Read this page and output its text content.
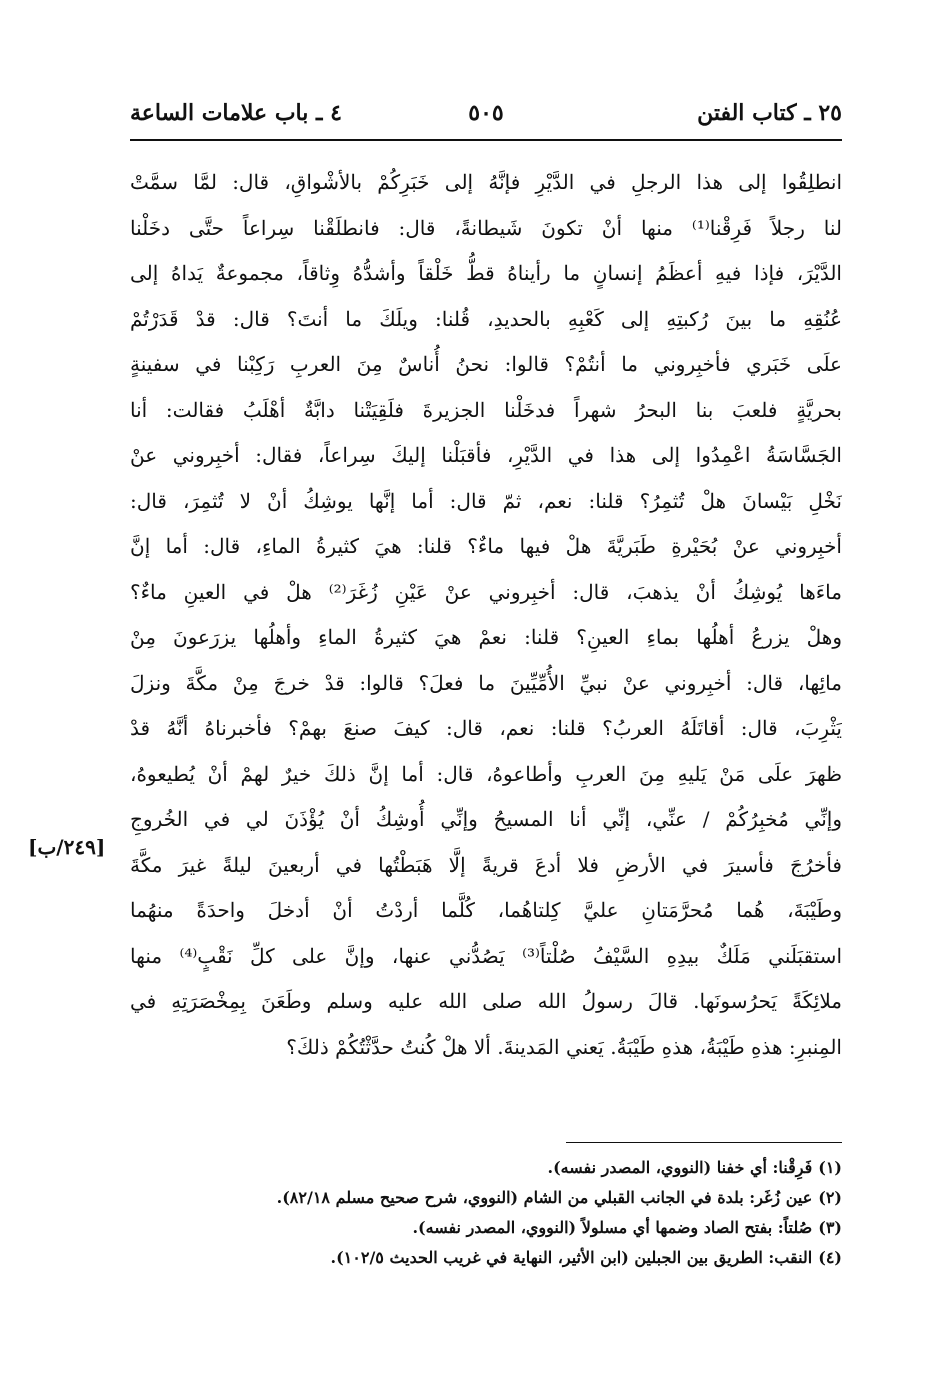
٢٥ ـ كتاب الفتن
٥٠٥
٤ ـ باب علامات الساعة
انطلِقُوا إلى هذا الرجلِ في الدَّيْرِ فإنَّهُ إلى خَبَرِكُمْ بالأشْواقِ، قال: لمَّا سمَّتْ
لنا رجلاً فَرِقْنا⁽¹⁾ منها أنْ تكونَ شَيطانةً، قال: فانطلَقْنا سِراعاً حتَّى دخَلْنا
الدَّيْرَ، فإذا فيهِ أعظَمُ إنسانٍ ما رأيناهُ قطُّ خَلْقاً وأشدُّهُ وِثاقاً، مجموعةٌ يَداهُ إلى
عُنُقِهِ ما بينَ رُكبتِهِ إلى كَعْبِهِ بالحديدِ، قُلنا: ويلَكَ ما أنتَ؟ قال: قدْ قَدَرْتُمْ
علَى خَبَري فأخبِروني ما أنتُمْ؟ قالوا: نحنُ أُناسٌ مِنَ العربِ رَكِبْنا في سفينةٍ
بحريَّةٍ فلعبَ بنا البحرُ شهراً فدخَلْنا الجزيرةَ فلَقِيَتْنا دابَّةٌ أهْلَبُ فقالت: أنا
الجَسَّاسَةُ اعْمِدُوا إلى هذا في الدَّيْرِ، فأقبَلْنا إليكَ سِراعاً، فقال: أخبِروني عنْ
نَخْلِ بَيْسانَ هلْ تُثمِرُ؟ قلنا: نعم، ثمّ قال: أما إنَّها يوشِكُ أنْ لا تُثمِرَ، قال:
أخبِروني عنْ بُحَيْرةِ طَبَريَّةَ هلْ فيها ماءٌ؟ قلنا: هيَ كثيرةُ الماءِ، قال: أما إنَّ
ماءَها يُوشِكُ أنْ يذهبَ، قال: أخبِروني عنْ عَيْنِ زُغَرَ⁽²⁾ هلْ في العينِ ماءٌ؟
وهلْ يزرعُ أهلُها بماءِ العينِ؟ قلنا: نعمْ هيَ كثيرةُ الماءِ وأهلُها يزرَعونَ مِنْ
مائِها، قال: أخبِروني عنْ نبيِّ الأُمِّيِّينَ ما فعلَ؟ قالوا: قدْ خرجَ مِنْ مكَّةَ ونزلَ
يَثْرِبَ، قال: أقاتَلَهُ العربُ؟ قلنا: نعم، قال: كيفَ صنعَ بهمْ؟ فأخبرناهُ أنَّهُ قدْ
ظهرَ علَى مَنْ يَليهِ مِنَ العربِ وأطاعوهُ، قال: أما إنَّ ذلكَ خيرٌ لهمْ أنْ يُطيعوهُ،
وإنِّي مُخبِرُكُمْ / عنِّي، إنِّي أنا المسيحُ وإنِّي أُوشِكُ أنْ يُؤْذَنَ لي في الخُروجِ
فأخرُجَ فأسيرَ في الأرضِ فلا أدعَ قريةً إلَّا هَبَطْتُها في أربعينَ ليلةً غيرَ مكَّةَ
وطَيْبَةَ، هُما مُحرَّمَتانِ عليَّ كِلتاهُما، كُلَّما أردْتُ أنْ أدخلَ واحدَةً منهُما
استقبَلَني مَلَكٌ بيدِهِ السَّيْفُ صُلْتاً⁽³⁾ يَصُدُّني عنها، وإنَّ على كلِّ نَقْبٍ⁽⁴⁾ منها
ملائِكَةً يَحرُسونَها. قالَ رسولُ الله صلى الله عليه وسلم وطَعَنَ بِمِخْصَرَتِهِ في
المِنبرِ: هذهِ طَيْبَةُ، هذهِ طَيْبَةُ. يَعني المَدينةَ. ألا هلْ كُنتُ حدَّثْتُكُمْ ذلكَ؟
[٢٤٩/ب]
(١)فَرِقْنا: أي خفنا (النووي، المصدر نفسه).
(٢)عين زُغَر: بلدة في الجانب القبلي من الشام (النووي، شرح صحيح مسلم ٨٢/١٨).
(٣)صُلتاً: بفتح الصاد وضمها أي مسلولاً (النووي، المصدر نفسه).
(٤)النقب: الطريق بين الجبلين (ابن الأثير، النهاية في غريب الحديث ١٠٢/٥).
